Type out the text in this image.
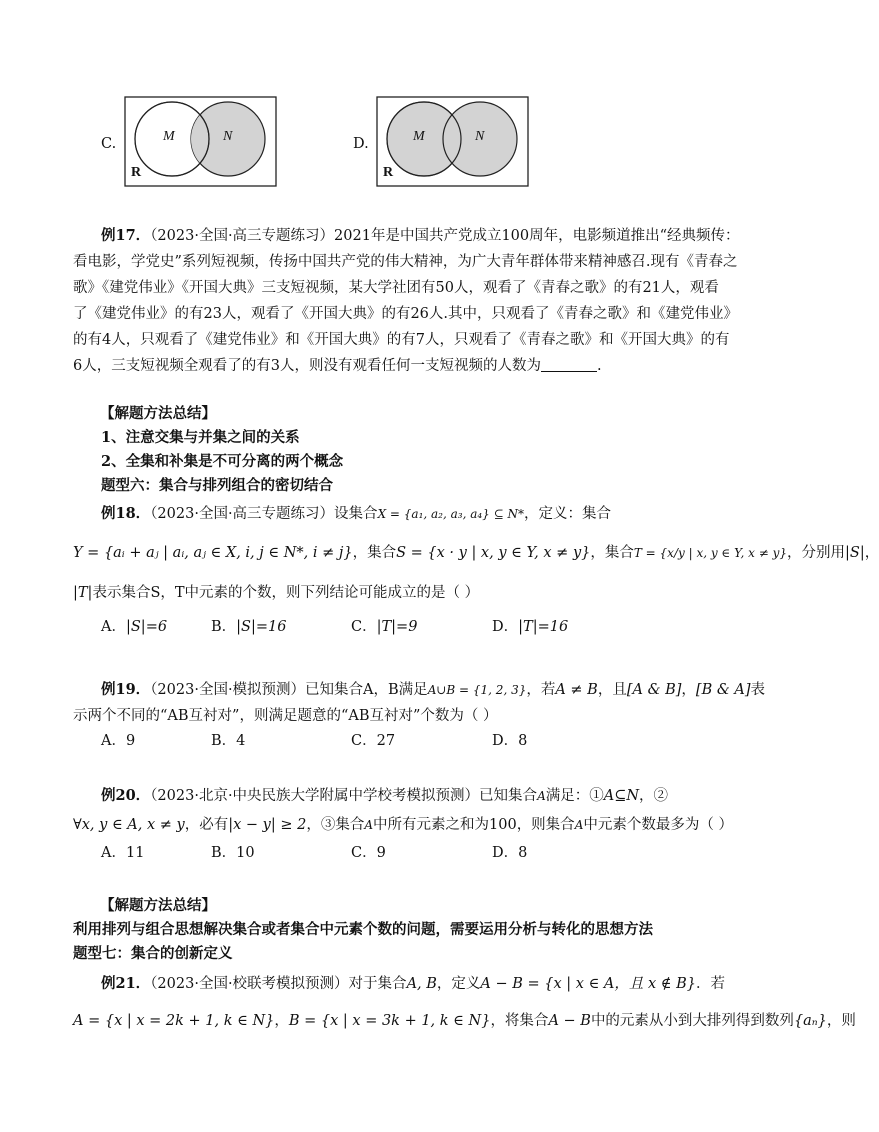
C.	M	N
R
D.	M	N
R
例17．（2023·全国·高三专题练习）2021年是中国共产党成立100周年，电影频道推出“经典频传：
看电影，学党史”系列短视频，传扬中国共产党的伟大精神，为广大青年群体带来精神感召.现有《青春之
歌》《建党伟业》《开国大典》三支短视频，某大学社团有50人，观看了《青春之歌》的有21人，观看
了《建党伟业》的有23人，观看了《开国大典》的有26人.其中，只观看了《青春之歌》和《建党伟业》
的有4人，只观看了《建党伟业》和《开国大典》的有7人，只观看了《青春之歌》和《开国大典》的有
6人，三支短视频全观看了的有3人，则没有观看任何一支短视频的人数为	.
【解题方法总结】
1、注意交集与并集之间的关系
2、全集和补集是不可分离的两个概念
题型六：集合与排列组合的密切结合
例18．（2023·全国·高三专题练习）设集合X = {a₁, a₂, a₃, a₄} ⊆ N*，定义：集合
Y = {aᵢ + aⱼ | aᵢ, aⱼ ∈ X, i, j ∈ N*, i ≠ j}，集合S = {x · y | x, y ∈ Y, x ≠ y}，集合T = {x/y | x, y ∈ Y, x ≠ y}，分别用|S|，
|T|表示集合S，T中元素的个数，则下列结论可能成立的是（ ）
A．|S|=6	B．|S|=16	C．|T|=9	D．|T|=16
例19．（2023·全国·模拟预测）已知集合A，B满足A∪B = {1, 2, 3}，若A ≠ B，且[A & B]，[B & A]表
示两个不同的“AB互衬对”，则满足题意的“AB互衬对”个数为（ ）
A．9	B．4	C．27	D．8
例20．（2023·北京·中央民族大学附属中学校考模拟预测）已知集合A满足：①A⊆N，②
∀x, y ∈ A, x ≠ y，必有|x − y| ≥ 2，③集合A中所有元素之和为100，则集合A中元素个数最多为（ ）
A．11	B．10	C．9	D．8
【解题方法总结】
利用排列与组合思想解决集合或者集合中元素个数的问题，需要运用分析与转化的思想方法
题型七：集合的创新定义
例21．（2023·全国·校联考模拟预测）对于集合A, B，定义A − B = {x | x ∈ A，且 x ∉ B}．若
A = {x | x = 2k + 1, k ∈ N}，B = {x | x = 3k + 1, k ∈ N}，将集合A − B中的元素从小到大排列得到数列{aₙ}，则
